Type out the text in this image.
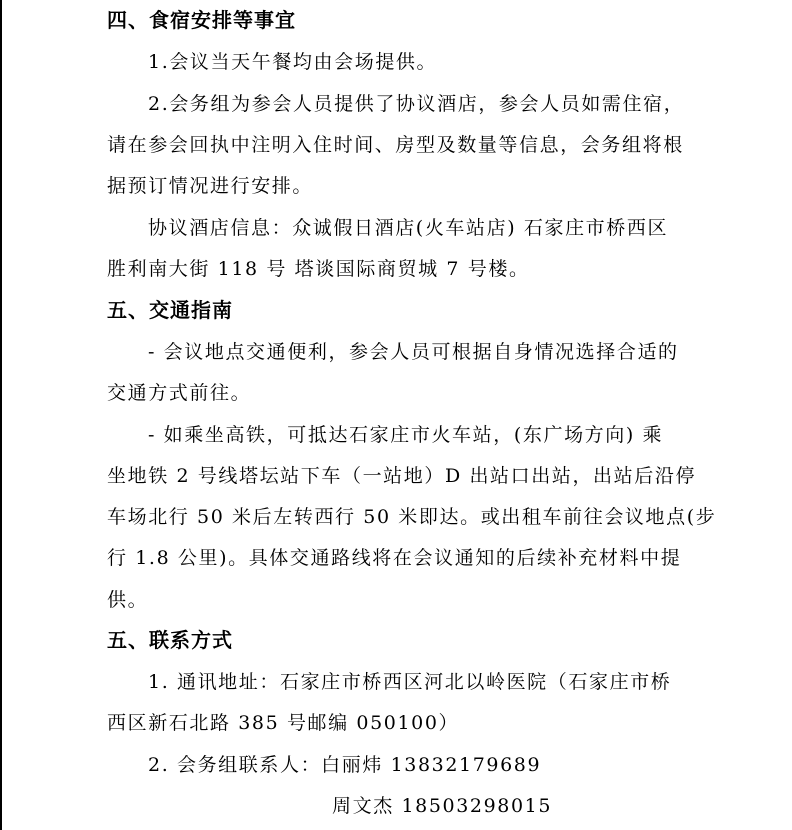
四、食宿安排等事宜
1.会议当天午餐均由会场提供。
2.会务组为参会人员提供了协议酒店，参会人员如需住宿，
请在参会回执中注明入住时间、房型及数量等信息，会务组将根
据预订情况进行安排。
协议酒店信息：众诚假日酒店(火车站店) 石家庄市桥西区
胜利南大街 118 号 塔谈国际商贸城 7 号楼。
五、交通指南
- 会议地点交通便利，参会人员可根据自身情况选择合适的
交通方式前往。
- 如乘坐高铁，可抵达石家庄市火车站，(东广场方向) 乘
坐地铁 2 号线塔坛站下车（一站地）D 出站口出站，出站后沿停
车场北行 50 米后左转西行 50 米即达。或出租车前往会议地点(步
行 1.8 公里)。具体交通路线将在会议通知的后续补充材料中提
供。
五、联系方式
1. 通讯地址：石家庄市桥西区河北以岭医院（石家庄市桥
西区新石北路 385 号邮编 050100）
2. 会务组联系人：白丽炜 13832179689
周文杰 18503298015
